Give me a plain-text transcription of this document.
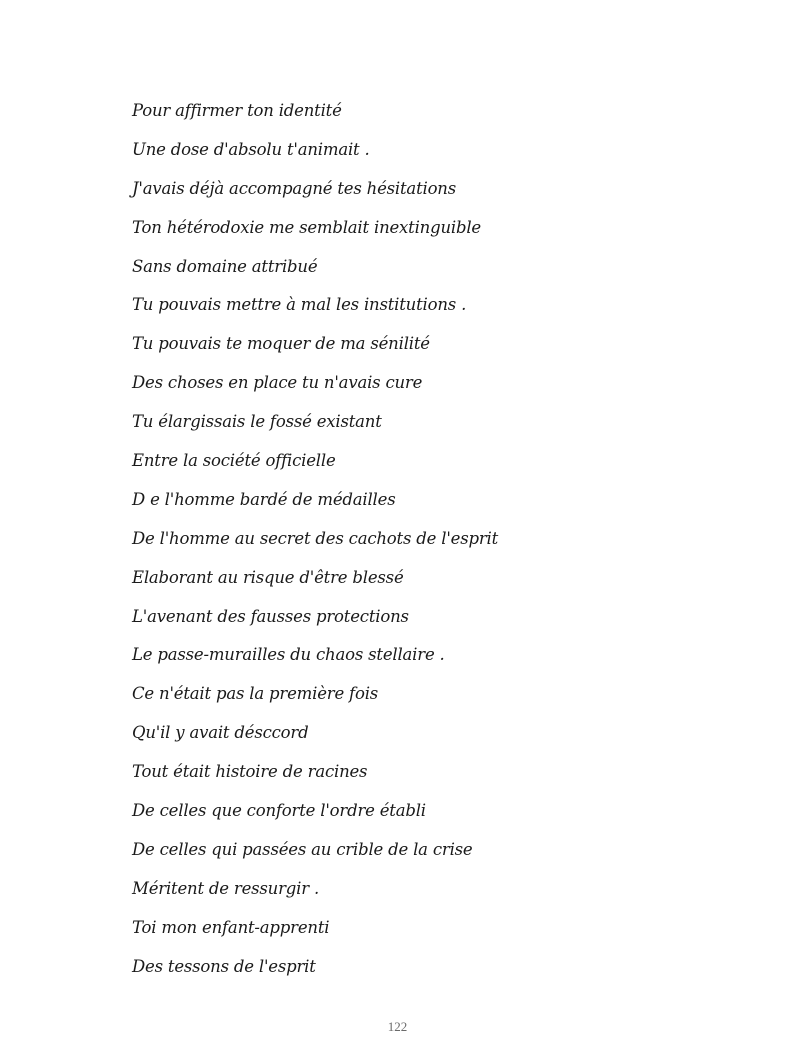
Pour affirmer ton identité
Une dose d'absolu t'animait .
J'avais déjà accompagné tes hésitations
Ton hétérodoxie me semblait inextinguible
Sans domaine attribué
Tu pouvais mettre à mal les institutions .
Tu pouvais te moquer de ma sénilité
Des choses en place tu n'avais cure
Tu élargissais le fossé existant
Entre la société officielle
D e l'homme bardé de médailles
De l'homme au secret des cachots de l'esprit
Elaborant au risque d'être blessé
L'avenant des fausses protections
Le passe-murailles du chaos stellaire .
Ce n'était pas la première fois
Qu'il y avait désccord
Tout était histoire de racines
De celles que conforte l'ordre établi
De celles qui passées au crible de la crise
Méritent de ressurgir .
Toi mon enfant-apprenti
Des tessons de l'esprit
122
